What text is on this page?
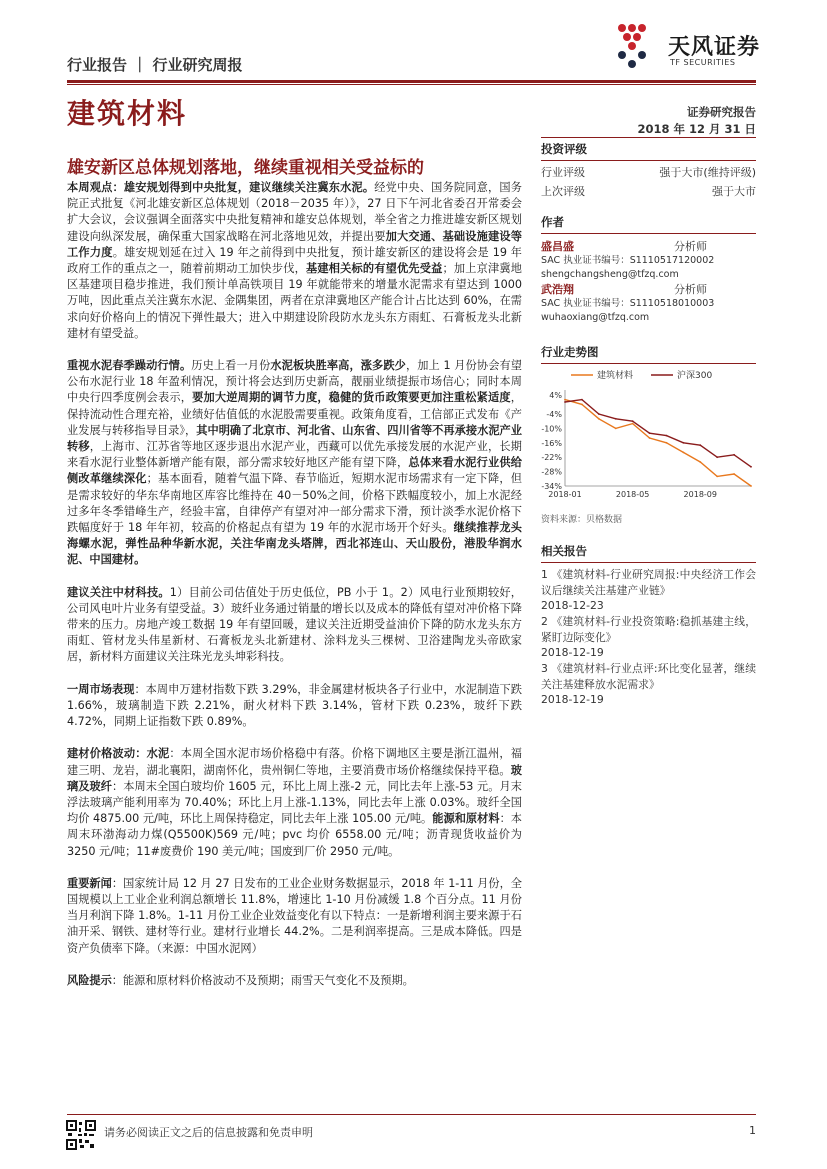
天风证券
TF SECURITIES
行业报告 ｜ 行业研究周报
建筑材料	证券研究报告
2018 年 12 月 31 日
雄安新区总体规划落地，继续重视相关受益标的

本周观点：雄安规划得到中央批复，建议继续关注冀东水泥。经党中央、国务院同意，国务院正式批复《河北雄安新区总体规划（2018－2035 年）》，27 日下午河北省委召开常委会扩大会议，会议强调全面落实中央批复精神和雄安总体规划，举全省之力推进雄安新区规划建设向纵深发展，确保重大国家战略在河北落地见效，并提出要加大交通、基础设施建设等工作力度。雄安规划延在过入 19 年之前得到中央批复，预计雄安新区的建设将会是 19 年政府工作的重点之一，随着前期动工加快步伐，基建相关标的有望优先受益；加上京津冀地区基建项目稳步推进，我们预计单高铁项目 19 年就能带来的增量水泥需求有望达到 1000 万吨，因此重点关注冀东水泥、金隅集团，两者在京津冀地区产能合计占比达到 60%，在需求向好价格向上的情况下弹性最大；进入中期建设阶段防水龙头东方雨虹、石膏板龙头北新建材有望受益。

重视水泥春季躁动行情。历史上看一月份水泥板块胜率高，涨多跌少，加上 1 月份协会有望公布水泥行业 18 年盈利情况，预计将会达到历史新高，靓丽业绩提振市场信心；同时本周中央行四季度例会表示，要加大逆周期的调节力度，稳健的货币政策要更加注重松紧适度，保持流动性合理充裕，业绩好估值低的水泥股需要重视。政策角度看，工信部正式发布《产业发展与转移指导目录》，其中明确了北京市、河北省、山东省、四川省等不再承接水泥产业转移，上海市、江苏省等地区逐步退出水泥产业，西藏可以优先承接发展的水泥产业，长期来看水泥行业整体新增产能有限，部分需求较好地区产能有望下降，总体来看水泥行业供给侧改革继续深化；基本面看，随着气温下降、春节临近，短期水泥市场需求有一定下降，但是需求较好的华东华南地区库容比维持在 40－50%之间，价格下跌幅度较小，加上水泥经过多年冬季错峰生产，经验丰富，自律停产有望对冲一部分需求下滑，预计淡季水泥价格下跌幅度好于 18 年年初，较高的价格起点有望为 19 年的水泥市场开个好头。继续推荐龙头海螺水泥，弹性品种华新水泥，关注华南龙头塔牌，西北祁连山、天山股份，港股华润水泥、中国建材。

建议关注中材科技。1）目前公司估值处于历史低位，PB 小于 1。2）风电行业预期较好，公司风电叶片业务有望受益。3）玻纤业务通过销量的增长以及成本的降低有望对冲价格下降带来的压力。房地产竣工数据 19 年有望回暖，建议关注近期受益油价下降的防水龙头东方雨虹、管材龙头伟星新材、石膏板龙头北新建材、涂料龙头三棵树、卫浴建陶龙头帝欧家居，新材料方面建议关注珠光龙头坤彩科技。

一周市场表现：本周申万建材指数下跌 3.29%，非金属建材板块各子行业中，水泥制造下跌 1.66%，玻璃制造下跌 2.21%，耐火材料下跌 3.14%，管材下跌 0.23%，玻纤下跌 4.72%，同期上证指数下跌 0.89%。

建材价格波动：水泥：本周全国水泥市场价格稳中有落。价格下调地区主要是浙江温州，福建三明、龙岩，湖北襄阳，湖南怀化，贵州铜仁等地，主要消费市场价格继续保持平稳。玻璃及玻纤：本周末全国白玻均价 1605 元，环比上周上涨-2 元，同比去年上涨-53 元。月末浮法玻璃产能利用率为 70.40%；环比上月上涨-1.13%，同比去年上涨 0.03%。玻纤全国均价 4875.00 元/吨，环比上周保持稳定，同比去年上涨 105.00 元/吨。能源和原材料：本周末环渤海动力煤(Q5500K)569 元/吨；pvc 均价 6558.00 元/吨；沥青现货收益价为 3250 元/吨；11#废费价 190 美元/吨；国废到厂价 2950 元/吨。

重要新闻：国家统计局 12 月 27 日发布的工业企业财务数据显示，2018 年 1-11 月份，全国规模以上工业企业利润总额增长 11.8%，增速比 1-10 月份减缓 1.8 个百分点。11 月份当月利润下降 1.8%。1-11 月份工业企业效益变化有以下特点：一是新增利润主要来源于石油开采、钢铁、建材等行业。建材行业增长 44.2%。二是利润率提高。三是成本降低。四是资产负债率下降。（来源：中国水泥网）

风险提示：能源和原材料价格波动不及预期；雨雪天气变化不及预期。

投资评级
行业评级	强于大市(维持评级)
上次评级	强于大市
作者
盛昌盛	分析师
SAC 执业证书编号：S1110517120002
shengchangsheng@tfzq.com
武浩翔	分析师
SAC 执业证书编号：S1110518010003
wuhaoxiang@tfzq.com
行业走势图
4%
-4%
-10%
-16%
-22%
-28%
-34%
2018-01	2018-05	2018-09
建筑材料	沪深300
资料来源：贝格数据
相关报告
1 《建筑材料-行业研究周报:中央经济工作会议后继续关注基建产业链》
2018-12-23
2 《建筑材料-行业投资策略:稳抓基建主线，紧盯边际变化》
2018-12-19
3 《建筑材料-行业点评:环比变化显著，继续关注基建释放水泥需求》
2018-12-19
请务必阅读正文之后的信息披露和免责申明	1
